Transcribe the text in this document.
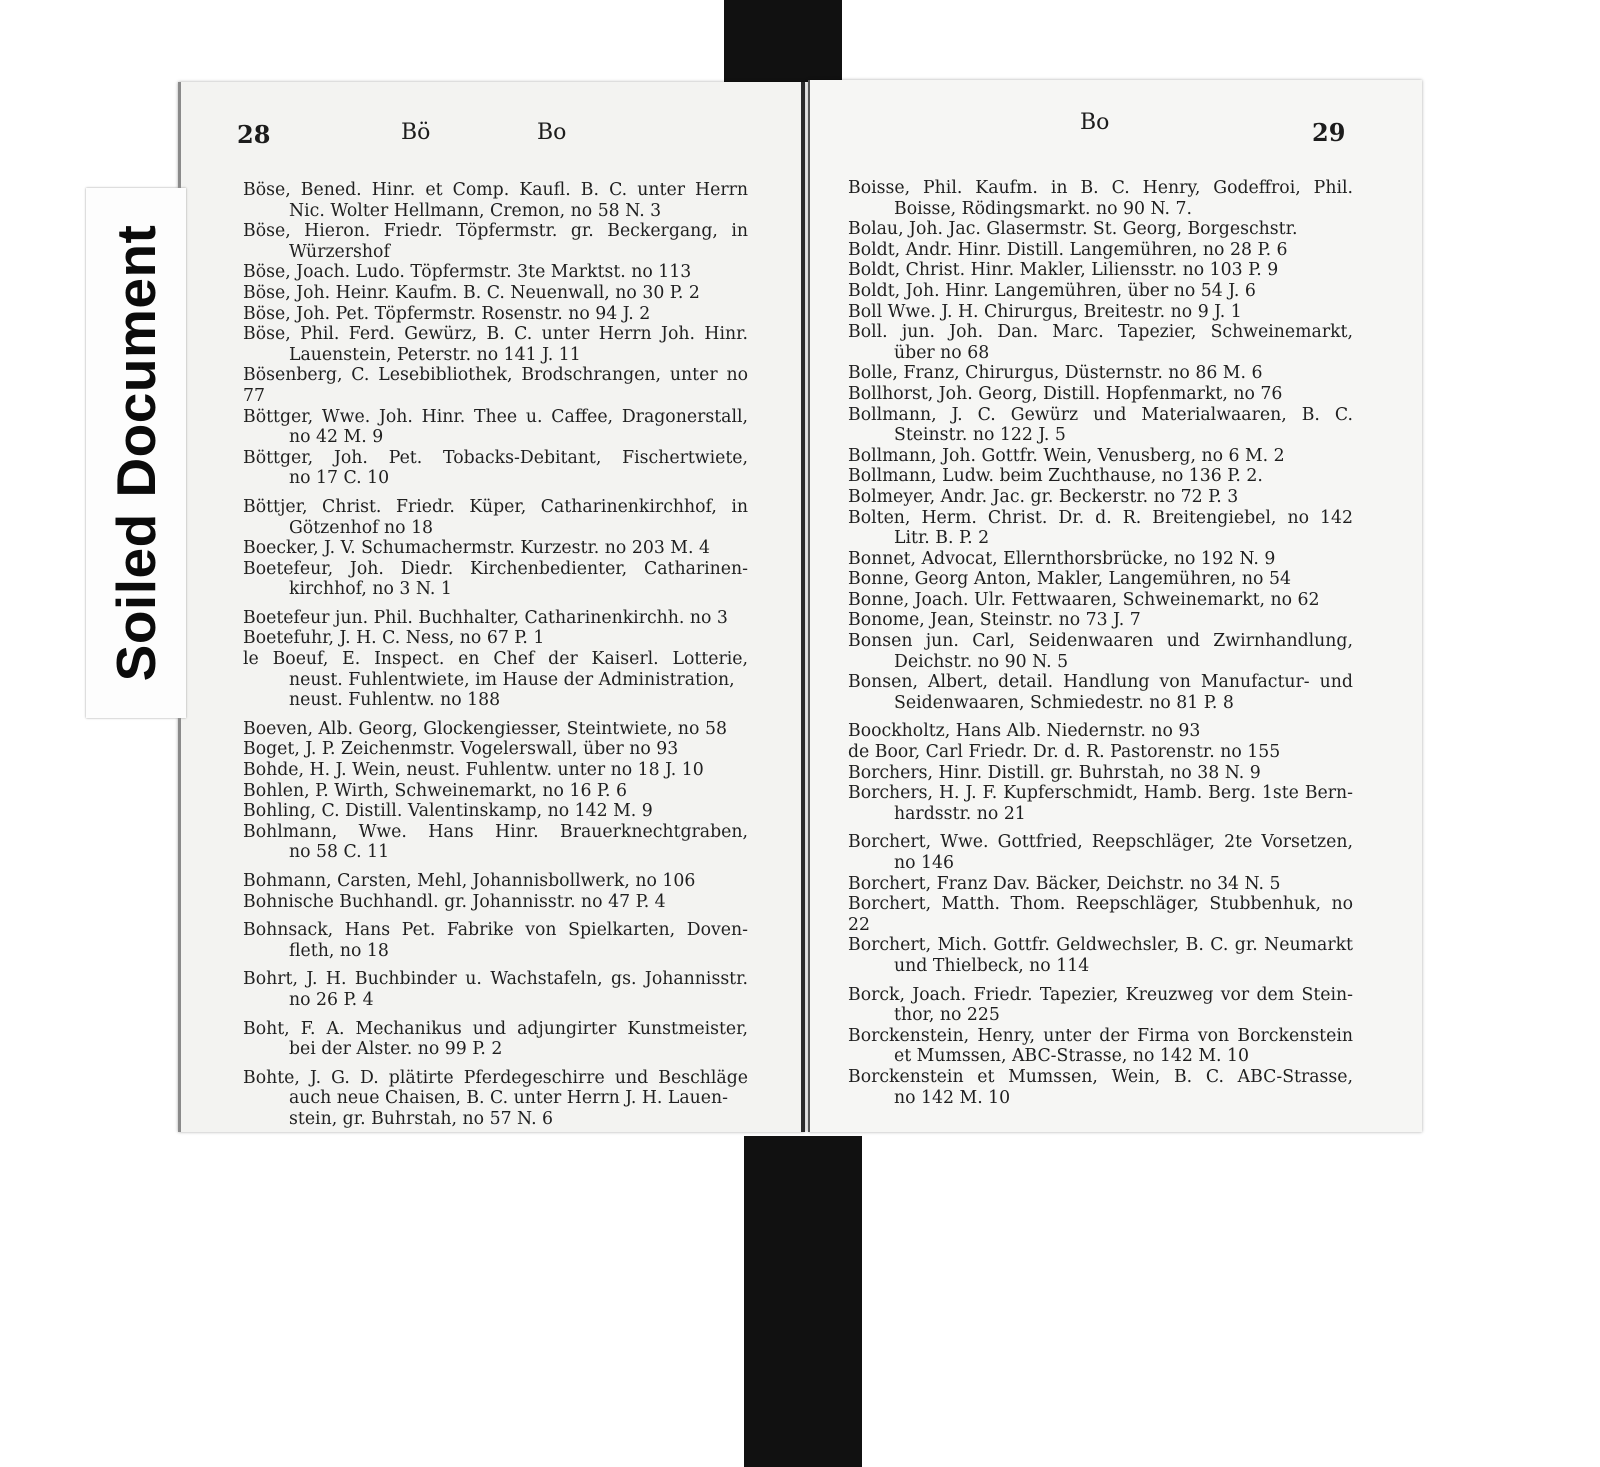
28	Bö	Bo
Böse, Bened. Hinr. et Comp. Kaufl. B. C. unter Herrn
Nic. Wolter Hellmann, Cremon, no 58 N. 3
Böse, Hieron. Friedr. Töpfermstr. gr. Beckergang, in
Würzershof
Böse, Joach. Ludo. Töpfermstr. 3te Marktst. no 113
Böse, Joh. Heinr. Kaufm. B. C. Neuenwall, no 30 P. 2
Böse, Joh. Pet. Töpfermstr. Rosenstr. no 94 J. 2
Böse, Phil. Ferd. Gewürz, B. C. unter Herrn Joh. Hinr.
Lauenstein, Peterstr. no 141 J. 11
Bösenberg, C. Lesebibliothek, Brodschrangen, unter no 77
Böttger, Wwe. Joh. Hinr. Thee u. Caffee, Dragonerstall,
no 42 M. 9
Böttger, Joh. Pet. Tobacks-Debitant, Fischertwiete,
no 17 C. 10
Böttjer, Christ. Friedr. Küper, Catharinenkirchhof, in
Götzenhof no 18
Boecker, J. V. Schumachermstr. Kurzestr. no 203 M. 4
Boetefeur, Joh. Diedr. Kirchenbedienter, Catharinen-
kirchhof, no 3 N. 1
Boetefeur jun. Phil. Buchhalter, Catharinenkirchh. no 3
Boetefuhr, J. H. C. Ness, no 67 P. 1
le Boeuf, E. Inspect. en Chef der Kaiserl. Lotterie,
neust. Fuhlentwiete, im Hause der Administration,
neust. Fuhlentw. no 188
Boeven, Alb. Georg, Glockengiesser, Steintwiete, no 58
Boget, J. P. Zeichenmstr. Vogelerswall, über no 93
Bohde, H. J. Wein, neust. Fuhlentw. unter no 18 J. 10
Bohlen, P. Wirth, Schweinemarkt, no 16 P. 6
Bohling, C. Distill. Valentinskamp, no 142 M. 9
Bohlmann, Wwe. Hans Hinr. Brauerknechtgraben,
no 58 C. 11
Bohmann, Carsten, Mehl, Johannisbollwerk, no 106
Bohnische Buchhandl. gr. Johannisstr. no 47 P. 4
Bohnsack, Hans Pet. Fabrike von Spielkarten, Doven-
fleth, no 18
Bohrt, J. H. Buchbinder u. Wachstafeln, gs. Johannisstr.
no 26 P. 4
Boht, F. A. Mechanikus und adjungirter Kunstmeister,
bei der Alster. no 99 P. 2
Bohte, J. G. D. plätirte Pferdegeschirre und Beschläge
auch neue Chaisen, B. C. unter Herrn J. H. Lauen-
stein, gr. Buhrstah, no 57 N. 6
Bo	29
Boisse, Phil. Kaufm. in B. C. Henry, Godeffroi, Phil.
Boisse, Rödingsmarkt. no 90 N. 7.
Bolau, Joh. Jac. Glasermstr. St. Georg, Borgeschstr.
Boldt, Andr. Hinr. Distill. Langemühren, no 28 P. 6
Boldt, Christ. Hinr. Makler, Liliensstr. no 103 P. 9
Boldt, Joh. Hinr. Langemühren, über no 54 J. 6
Boll Wwe. J. H. Chirurgus, Breitestr. no 9 J. 1
Boll. jun. Joh. Dan. Marc. Tapezier, Schweinemarkt,
über no 68
Bolle, Franz, Chirurgus, Düsternstr. no 86 M. 6
Bollhorst, Joh. Georg, Distill. Hopfenmarkt, no 76
Bollmann, J. C. Gewürz und Materialwaaren, B. C.
Steinstr. no 122 J. 5
Bollmann, Joh. Gottfr. Wein, Venusberg, no 6 M. 2
Bollmann, Ludw. beim Zuchthause, no 136 P. 2.
Bolmeyer, Andr. Jac. gr. Beckerstr. no 72 P. 3
Bolten, Herm. Christ. Dr. d. R. Breitengiebel, no 142
Litr. B. P. 2
Bonnet, Advocat, Ellernthorsbrücke, no 192 N. 9
Bonne, Georg Anton, Makler, Langemühren, no 54
Bonne, Joach. Ulr. Fettwaaren, Schweinemarkt, no 62
Bonome, Jean, Steinstr. no 73 J. 7
Bonsen jun. Carl, Seidenwaaren und Zwirnhandlung,
Deichstr. no 90 N. 5
Bonsen, Albert, detail. Handlung von Manufactur- und
Seidenwaaren, Schmiedestr. no 81 P. 8
Boockholtz, Hans Alb. Niedernstr. no 93
de Boor, Carl Friedr. Dr. d. R. Pastorenstr. no 155
Borchers, Hinr. Distill. gr. Buhrstah, no 38 N. 9
Borchers, H. J. F. Kupferschmidt, Hamb. Berg. 1ste Bern-
hardsstr. no 21
Borchert, Wwe. Gottfried, Reepschläger, 2te Vorsetzen,
no 146
Borchert, Franz Dav. Bäcker, Deichstr. no 34 N. 5
Borchert, Matth. Thom. Reepschläger, Stubbenhuk, no 22
Borchert, Mich. Gottfr. Geldwechsler, B. C. gr. Neumarkt
und Thielbeck, no 114
Borck, Joach. Friedr. Tapezier, Kreuzweg vor dem Stein-
thor, no 225
Borckenstein, Henry, unter der Firma von Borckenstein
et Mumssen, ABC-Strasse, no 142 M. 10
Borckenstein et Mumssen, Wein, B. C. ABC-Strasse,
no 142 M. 10
Soiled Document
